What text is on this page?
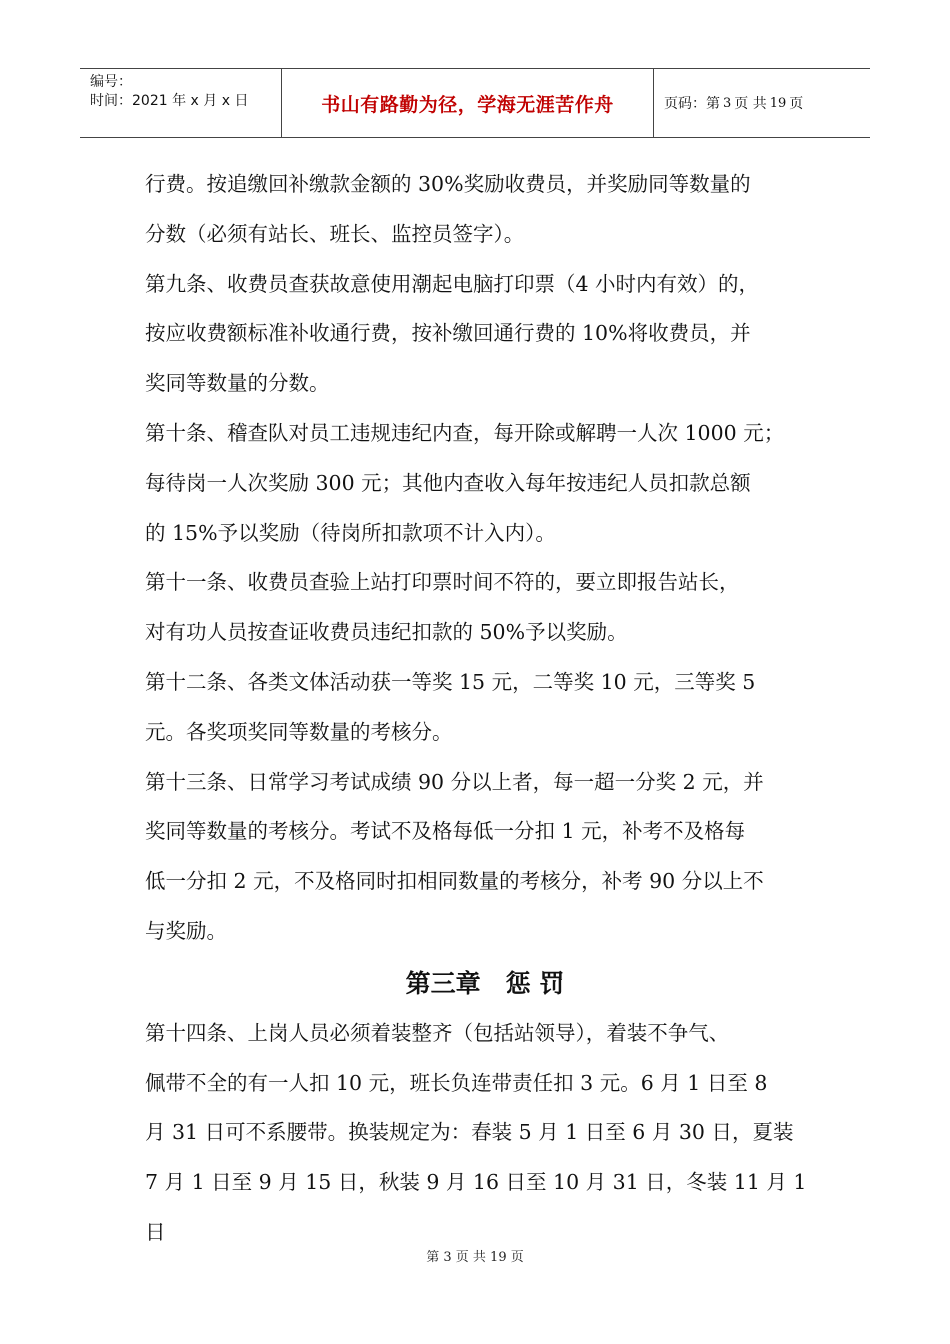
编号：
时间：2021 年 x 月 x 日	书山有路勤为径，学海无涯苦作舟	页码：第 3 页 共 19 页

行费。按追缴回补缴款金额的 30%奖励收费员，并奖励同等数量的

分数（必须有站长、班长、监控员签字）。

第九条、收费员查获故意使用潮起电脑打印票（4 小时内有效）的，

按应收费额标准补收通行费，按补缴回通行费的 10%将收费员，并

奖同等数量的分数。

第十条、稽查队对员工违规违纪内查，每开除或解聘一人次 1000 元；

每待岗一人次奖励 300 元；其他内查收入每年按违纪人员扣款总额

的 15%予以奖励（待岗所扣款项不计入内）。

第十一条、收费员查验上站打印票时间不符的，要立即报告站长，

对有功人员按查证收费员违纪扣款的 50%予以奖励。

第十二条、各类文体活动获一等奖 15 元，二等奖 10 元，三等奖 5

元。各奖项奖同等数量的考核分。

第十三条、日常学习考试成绩 90 分以上者，每一超一分奖 2 元，并

奖同等数量的考核分。考试不及格每低一分扣 1 元，补考不及格每

低一分扣 2 元，不及格同时扣相同数量的考核分，补考 90 分以上不

与奖励。

第三章　惩 罚

第十四条、上岗人员必须着装整齐（包括站领导），着装不争气、

佩带不全的有一人扣 10 元，班长负连带责任扣 3 元。6 月 1 日至 8

月 31 日可不系腰带。换装规定为：春装 5 月 1 日至 6 月 30 日，夏装

7 月 1 日至 9 月 15 日，秋装 9 月 16 日至 10 月 31 日，冬装 11 月 1 日

第 3 页 共 19 页
